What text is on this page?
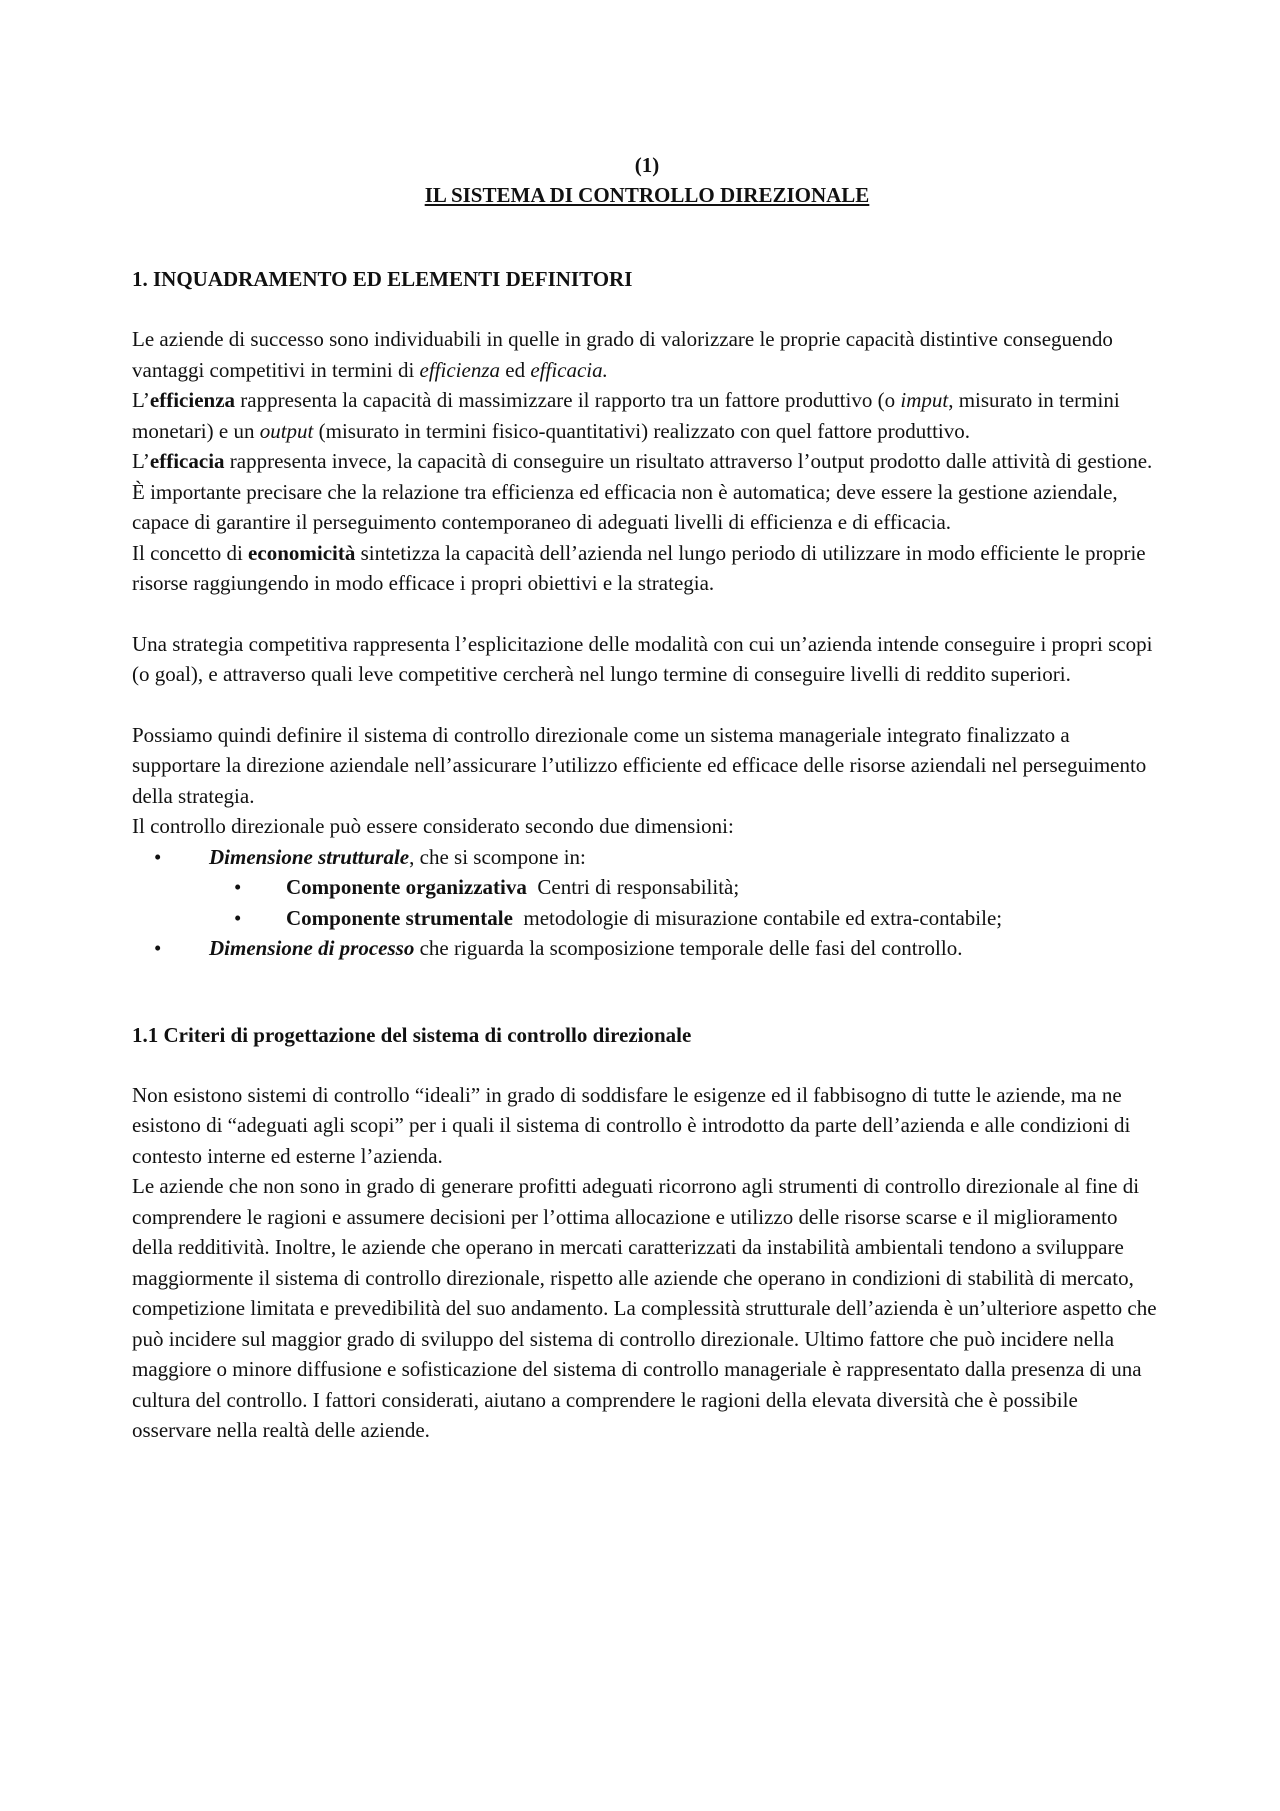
(1)
IL SISTEMA DI CONTROLLO DIREZIONALE
1. INQUADRAMENTO ED ELEMENTI DEFINITORI

Le aziende di successo sono individuabili in quelle in grado di valorizzare le proprie capacità distintive conseguendo vantaggi competitivi in termini di efficienza ed efficacia.

L’efficienza rappresenta la capacità di massimizzare il rapporto tra un fattore produttivo (o imput, misurato in termini monetari) e un output (misurato in termini fisico-quantitativi) realizzato con quel fattore produttivo.

L’efficacia rappresenta invece, la capacità di conseguire un risultato attraverso l’output prodotto dalle attività di gestione.

È importante precisare che la relazione tra efficienza ed efficacia non è automatica; deve essere la gestione aziendale, capace di garantire il perseguimento contemporaneo di adeguati livelli di efficienza e di efficacia.

Il concetto di economicità sintetizza la capacità dell’azienda nel lungo periodo di utilizzare in modo efficiente le proprie risorse raggiungendo in modo efficace i propri obiettivi e la strategia.

Una strategia competitiva rappresenta l’esplicitazione delle modalità con cui un’azienda intende conseguire i propri scopi (o goal), e attraverso quali leve competitive cercherà nel lungo termine di conseguire livelli di reddito superiori.

Possiamo quindi definire il sistema di controllo direzionale come un sistema manageriale integrato finalizzato a supportare la direzione aziendale nell’assicurare l’utilizzo efficiente ed efficace delle risorse aziendali nel perseguimento della strategia.

Il controllo direzionale può essere considerato secondo due dimensioni:

• Dimensione strutturale, che si scompone in:
• Componente organizzativa  Centri di responsabilità;
• Componente strumentale  metodologie di misurazione contabile ed extra-contabile;
• Dimensione di processo che riguarda la scomposizione temporale delle fasi del controllo.
1.1 Criteri di progettazione del sistema di controllo direzionale

Non esistono sistemi di controllo “ideali” in grado di soddisfare le esigenze ed il fabbisogno di tutte le aziende, ma ne esistono di “adeguati agli scopi” per i quali il sistema di controllo è introdotto da parte dell’azienda e alle condizioni di contesto interne ed esterne l’azienda.

Le aziende che non sono in grado di generare profitti adeguati ricorrono agli strumenti di controllo direzionale al fine di comprendere le ragioni e assumere decisioni per l’ottima allocazione e utilizzo delle risorse scarse e il miglioramento della redditività. Inoltre, le aziende che operano in mercati caratterizzati da instabilità ambientali tendono a sviluppare maggiormente il sistema di controllo direzionale, rispetto alle aziende che operano in condizioni di stabilità di mercato, competizione limitata e prevedibilità del suo andamento. La complessità strutturale dell’azienda è un’ulteriore aspetto che può incidere sul maggior grado di sviluppo del sistema di controllo direzionale. Ultimo fattore che può incidere nella maggiore o minore diffusione e sofisticazione del sistema di controllo manageriale è rappresentato dalla presenza di una cultura del controllo. I fattori considerati, aiutano a comprendere le ragioni della elevata diversità che è possibile osservare nella realtà delle aziende.
